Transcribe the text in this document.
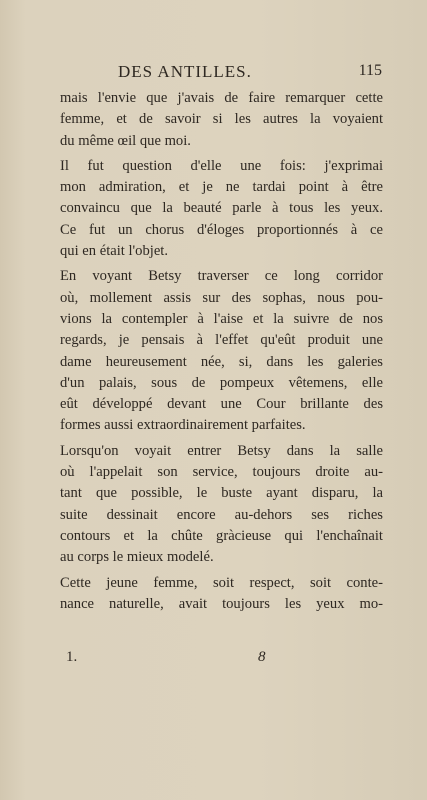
DES ANTILLES.	115
mais l'envie que j'avais de faire remarquer cette
femme, et de savoir si les autres la voyaient
du même œil que moi.
Il fut question d'elle une fois: j'exprimai
mon admiration, et je ne tardai point à être
convaincu que la beauté parle à tous les yeux.
Ce fut un chorus d'éloges proportionnés à ce
qui en était l'objet.
En voyant Betsy traverser ce long corridor
où, mollement assis sur des sophas, nous pou-
vions la contempler à l'aise et la suivre de nos
regards, je pensais à l'effet qu'eût produit une
dame heureusement née, si, dans les galeries
d'un palais, sous de pompeux vêtemens, elle
eût développé devant une Cour brillante des
formes aussi extraordinairement parfaites.
Lorsqu'on voyait entrer Betsy dans la salle
où l'appelait son service, toujours droite au-
tant que possible, le buste ayant disparu, la
suite dessinait encore au-dehors ses riches
contours et la chûte gràcieuse qui l'enchaînait
au corps le mieux modelé.
Cette jeune femme, soit respect, soit conte-
nance naturelle, avait toujours les yeux mo-
1.	8
